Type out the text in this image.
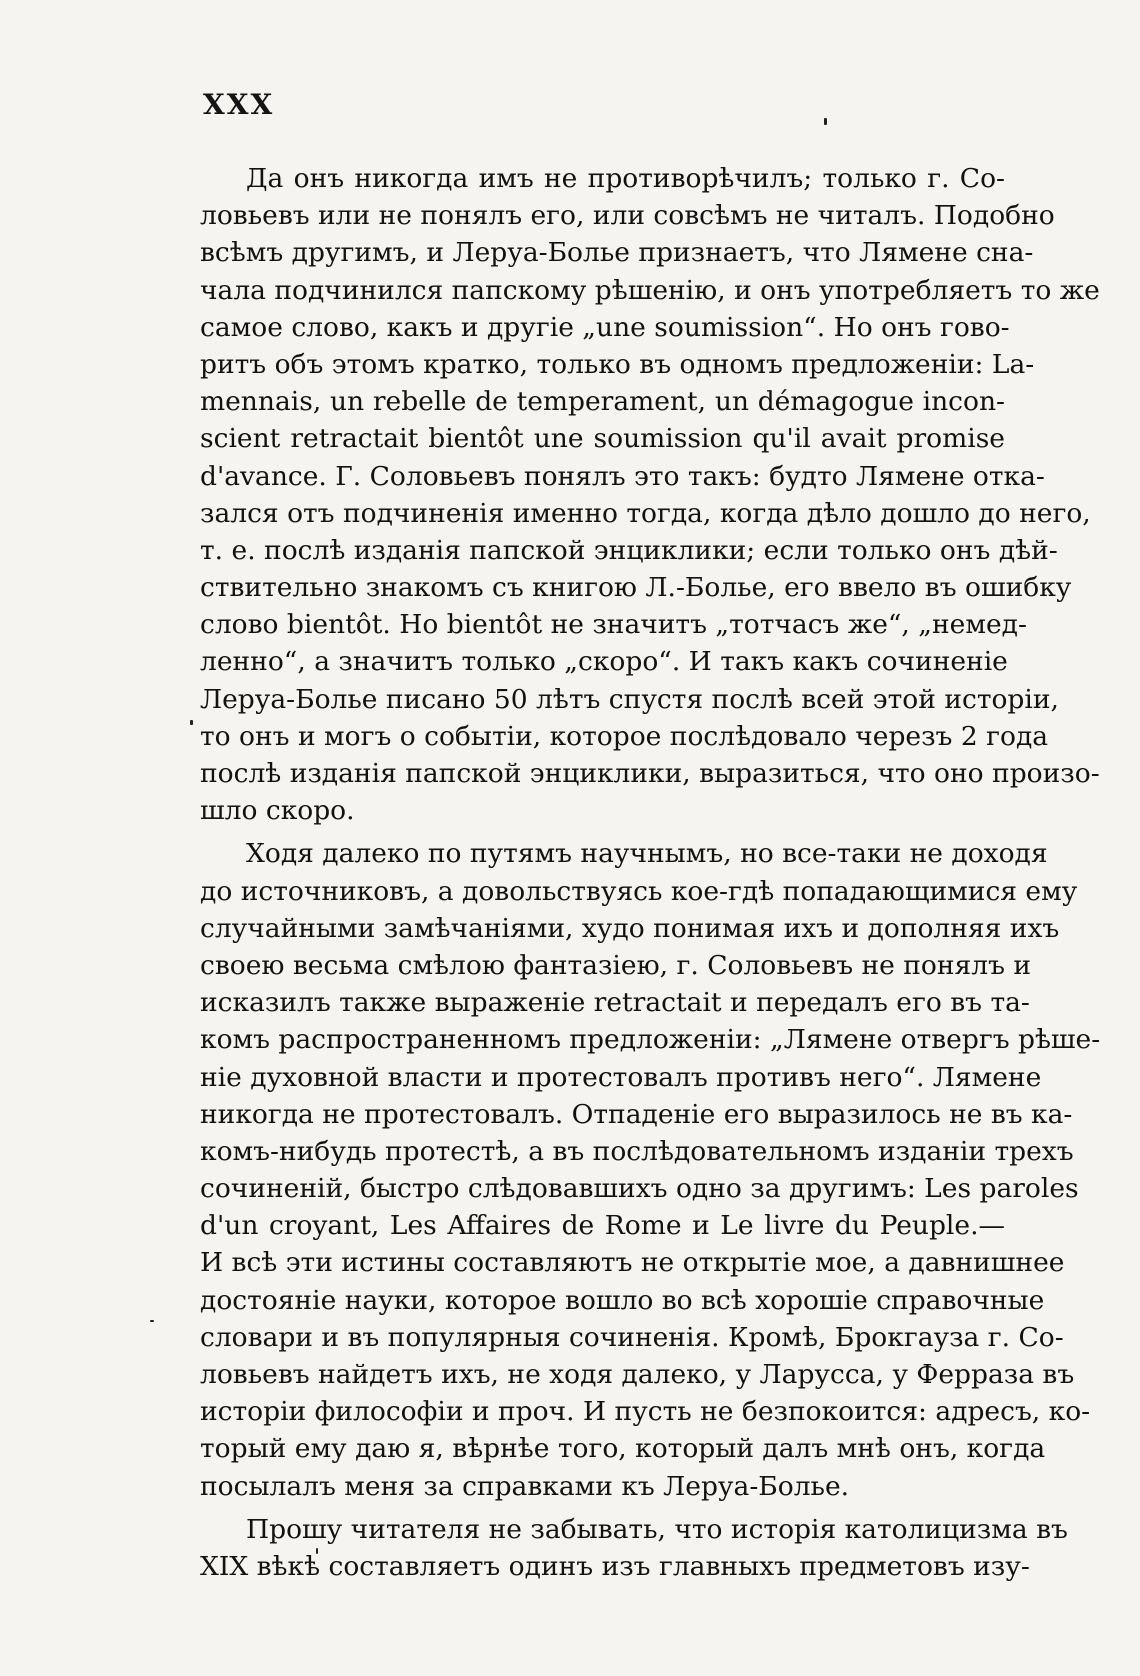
XXX
Да онъ никогда имъ не противорѣчилъ; только г. Со-
ловьевъ или не понялъ его, или совсѣмъ не читалъ. Подобно
всѣмъ другимъ, и Леруа-Болье признаетъ, что Лямене сна-
чала подчинился папскому рѣшенію, и онъ употребляетъ то же
самое слово, какъ и другіе „une soumission“. Но онъ гово-
ритъ объ этомъ кратко, только въ одномъ предложеніи: La-
mennais, un rebelle de temperament, un démagogue incon-
scient retractait bientôt une soumission qu'il avait promise
d'avance. Г. Соловьевъ понялъ это такъ: будто Лямене отка-
зался отъ подчиненія именно тогда, когда дѣло дошло до него,
т. е. послѣ изданія папской энциклики; если только онъ дѣй-
ствительно знакомъ съ книгою Л.-Болье, его ввело въ ошибку
слово bientôt. Но bientôt не значитъ „тотчасъ же“, „немед-
ленно“, а значитъ только „скоро“. И такъ какъ сочиненіе
Леруа-Болье писано 50 лѣтъ спустя послѣ всей этой исторіи,
то онъ и могъ о событіи, которое послѣдовало черезъ 2 года
послѣ изданія папской энциклики, выразиться, что оно произо-
шло скоро.
Ходя далеко по путямъ научнымъ, но все-таки не доходя
до источниковъ, а довольствуясь кое-гдѣ попадающимися ему
случайными замѣчаніями, худо понимая ихъ и дополняя ихъ
своею весьма смѣлою фантазіею, г. Соловьевъ не понялъ и
исказилъ также выраженіе retractait и передалъ его въ та-
комъ распространенномъ предложеніи: „Лямене отвергъ рѣше-
ніе духовной власти и протестовалъ противъ него“. Лямене
никогда не протестовалъ. Отпаденіе его выразилось не въ ка-
комъ-нибудь протестѣ, а въ послѣдовательномъ изданіи трехъ
сочиненій, быстро слѣдовавшихъ одно за другимъ: Les paroles
d'un croyant, Les Affaires de Rome и Le livre du Peuple.—
И всѣ эти истины составляютъ не открытіе мое, а давнишнее
достояніе науки, которое вошло во всѣ хорошіе справочные
словари и въ популярныя сочиненія. Кромѣ, Брокгауза г. Со-
ловьевъ найдетъ ихъ, не ходя далеко, у Ларусса, у Ферраза въ
исторіи философіи и проч. И пусть не безпокоится: адресъ, ко-
торый ему даю я, вѣрнѣе того, который далъ мнѣ онъ, когда
посылалъ меня за справками къ Леруа-Болье.
Прошу читателя не забывать, что исторія католицизма въ
XIX вѣкѣ составляетъ одинъ изъ главныхъ предметовъ изу-
